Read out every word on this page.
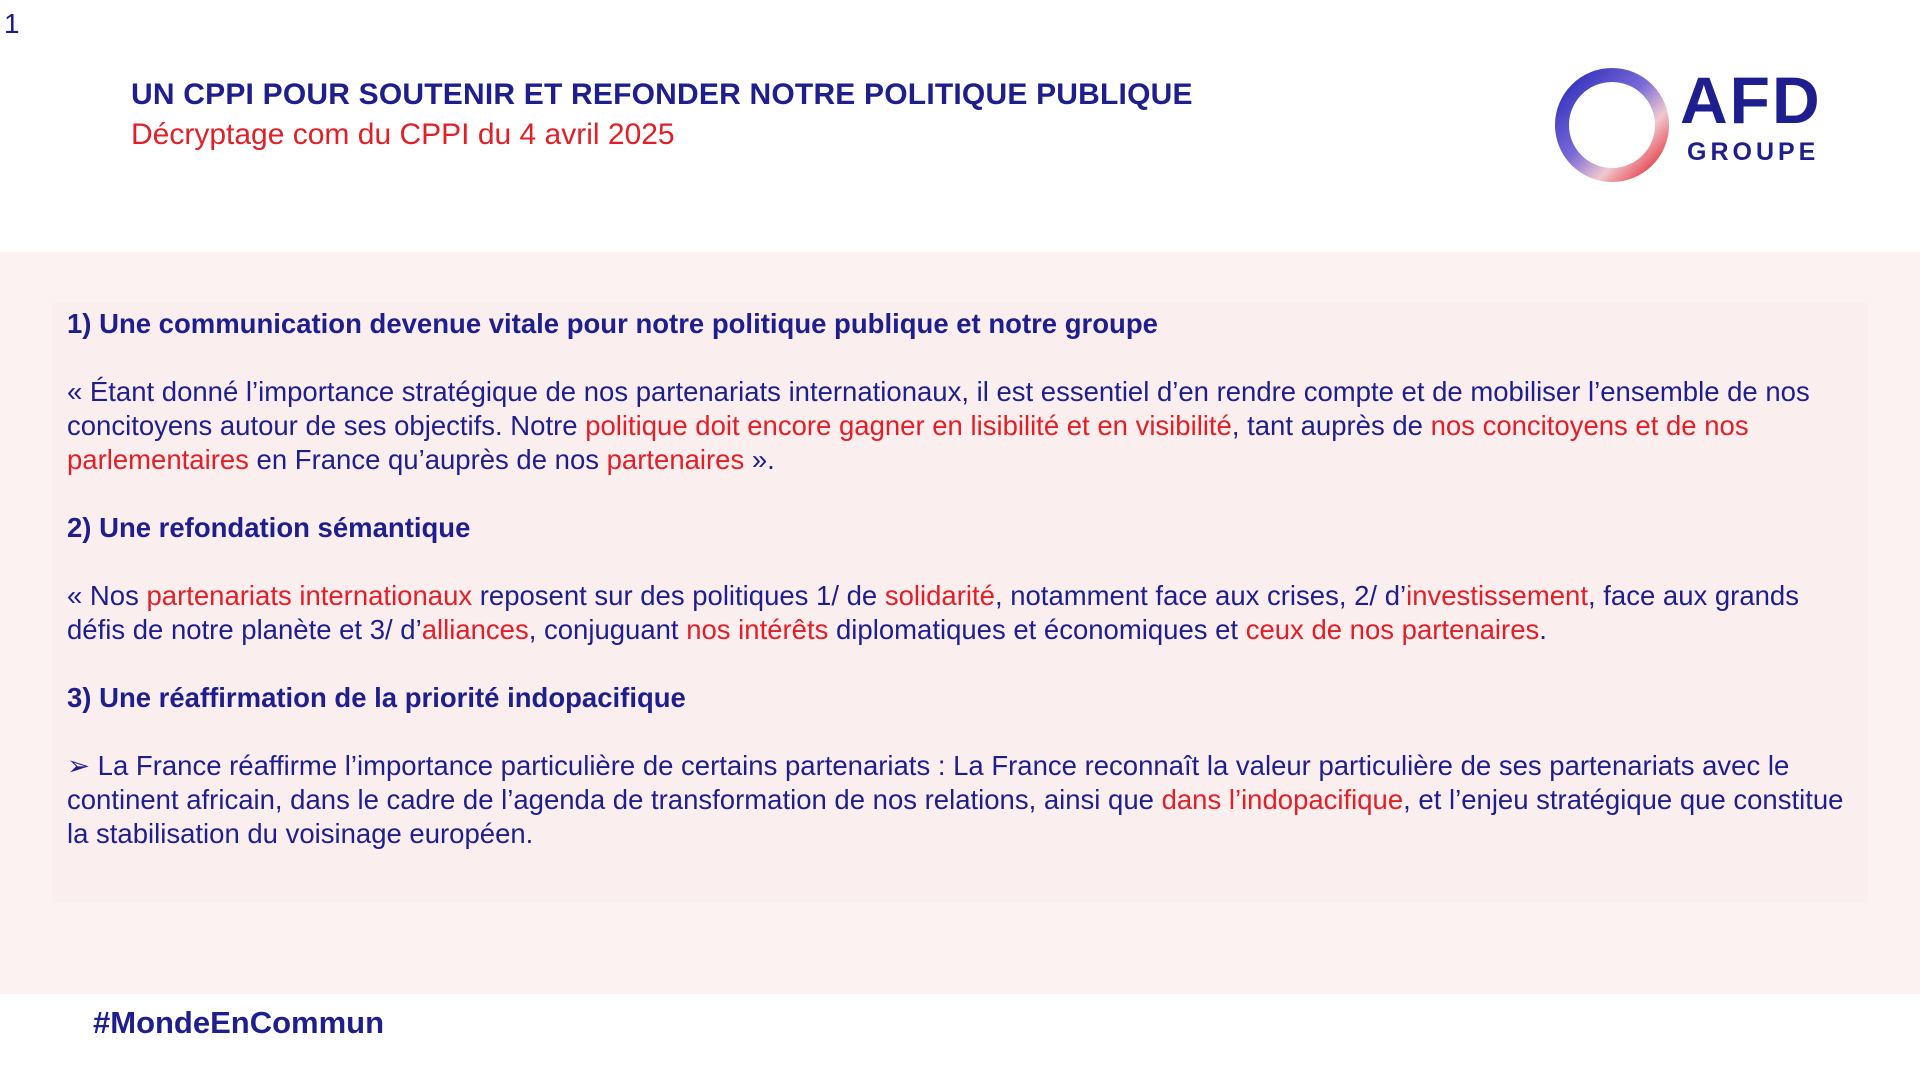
1
UN CPPI POUR SOUTENIR ET REFONDER NOTRE POLITIQUE PUBLIQUE
Décryptage com du CPPI du 4 avril 2025	AFD
GROUPE
1) Une communication devenue vitale pour notre politique publique et notre groupe
« Étant donné l’importance stratégique de nos partenariats internationaux, il est essentiel d’en rendre compte et de mobiliser l’ensemble de nos concitoyens autour de ses objectifs. Notre politique doit encore gagner en lisibilité et en visibilité, tant auprès de nos concitoyens et de nos parlementaires en France qu’auprès de nos partenaires ».
2) Une refondation sémantique
« Nos partenariats internationaux reposent sur des politiques 1/ de solidarité, notamment face aux crises, 2/ d’investissement, face aux grands défis de notre planète et 3/ d’alliances, conjuguant nos intérêts diplomatiques et économiques et ceux de nos partenaires.
3) Une réaffirmation de la priorité indopacifique
➢ La France réaffirme l’importance particulière de certains partenariats : La France reconnaît la valeur particulière de ses partenariats avec le continent africain, dans le cadre de l’agenda de transformation de nos relations, ainsi que dans l’indopacifique, et l’enjeu stratégique que constitue la stabilisation du voisinage européen.
#MondeEnCommun
